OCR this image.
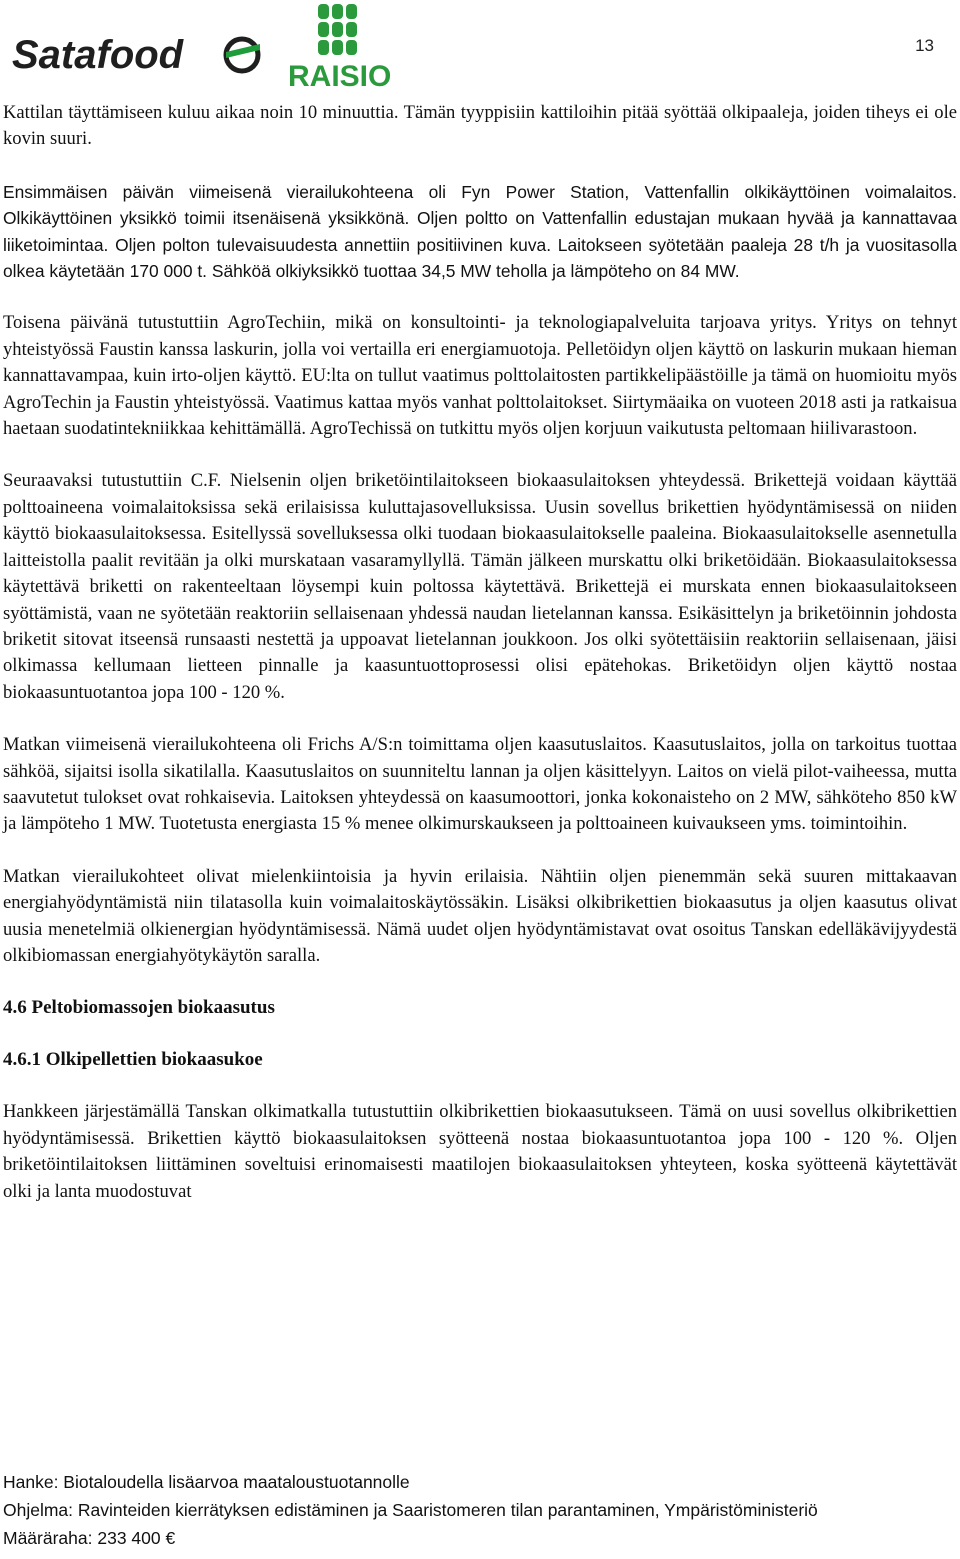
Satafood	RAISIO
13

Kattilan täyttämiseen kuluu aikaa noin 10 minuuttia. Tämän tyyppisiin kattiloihin pitää syöttää olkipaaleja, joiden tiheys ei ole kovin suuri.

Ensimmäisen päivän viimeisenä vierailukohteena oli Fyn Power Station, Vattenfallin olkikäyttöinen voimalaitos. Olkikäyttöinen yksikkö toimii itsenäisenä yksikkönä. Oljen poltto on Vattenfallin edustajan mukaan hyvää ja kannattavaa liiketoimintaa. Oljen polton tulevaisuudesta annettiin positiivinen kuva. Laitokseen syötetään paaleja 28 t/h ja vuositasolla olkea käytetään 170 000 t. Sähköä olkiyksikkö tuottaa 34,5 MW teholla ja lämpöteho on 84 MW.

Toisena päivänä tutustuttiin AgroTechiin, mikä on konsultointi- ja teknologiapalveluita tarjoava yritys. Yritys on tehnyt yhteistyössä Faustin kanssa laskurin, jolla voi vertailla eri energiamuotoja. Pelletöidyn oljen käyttö on laskurin mukaan hieman kannattavampaa, kuin irto-oljen käyttö. EU:lta on tullut vaatimus polttolaitosten partikkelipäästöille ja tämä on huomioitu myös AgroTechin ja Faustin yhteistyössä. Vaatimus kattaa myös vanhat polttolaitokset. Siirtymäaika on vuoteen 2018 asti ja ratkaisua haetaan suodatintekniikkaa kehittämällä. AgroTechissä on tutkittu myös oljen korjuun vaikutusta peltomaan hiilivarastoon.

Seuraavaksi tutustuttiin C.F. Nielsenin oljen briketöintilaitokseen biokaasulaitoksen yhteydessä. Brikettejä voidaan käyttää polttoaineena voimalaitoksissa sekä erilaisissa kuluttajasovelluksissa. Uusin sovellus brikettien hyödyntämisessä on niiden käyttö biokaasulaitoksessa. Esitellyssä sovelluksessa olki tuodaan biokaasulaitokselle paaleina. Biokaasulaitokselle asennetulla laitteistolla paalit revitään ja olki murskataan vasaramyllyllä. Tämän jälkeen murskattu olki briketöidään. Biokaasulaitoksessa käytettävä briketti on rakenteeltaan löysempi kuin poltossa käytettävä. Brikettejä ei murskata ennen biokaasulaitokseen syöttämistä, vaan ne syötetään reaktoriin sellaisenaan yhdessä naudan lietelannan kanssa. Esikäsittelyn ja briketöinnin johdosta briketit sitovat itseensä runsaasti nestettä ja uppoavat lietelannan joukkoon. Jos olki syötettäisiin reaktoriin sellaisenaan, jäisi olkimassa kellumaan lietteen pinnalle ja kaasuntuottoprosessi olisi epätehokas. Briketöidyn oljen käyttö nostaa biokaasuntuotantoa jopa 100 - 120 %.

Matkan viimeisenä vierailukohteena oli Frichs A/S:n toimittama oljen kaasutuslaitos. Kaasutuslaitos, jolla on tarkoitus tuottaa sähköä, sijaitsi isolla sikatilalla. Kaasutuslaitos on suunniteltu lannan ja oljen käsittelyyn. Laitos on vielä pilot-vaiheessa, mutta saavutetut tulokset ovat rohkaisevia. Laitoksen yhteydessä on kaasumoottori, jonka kokonaisteho on 2 MW, sähköteho 850 kW ja lämpöteho 1 MW. Tuotetusta energiasta 15 % menee olkimurskaukseen ja polttoaineen kuivaukseen yms. toimintoihin.

Matkan vierailukohteet olivat mielenkiintoisia ja hyvin erilaisia. Nähtiin oljen pienemmän sekä suuren mittakaavan energiahyödyntämistä niin tilatasolla kuin voimalaitoskäytössäkin. Lisäksi olkibrikettien biokaasutus ja oljen kaasutus olivat uusia menetelmiä olkienergian hyödyntämisessä. Nämä uudet oljen hyödyntämistavat ovat osoitus Tanskan edelläkävijyydestä olkibiomassan energiahyötykäytön saralla.

4.6 Peltobiomassojen biokaasutus
4.6.1 Olkipellettien biokaasukoe

Hankkeen järjestämällä Tanskan olkimatkalla tutustuttiin olkibrikettien biokaasutukseen. Tämä on uusi sovellus olkibrikettien hyödyntämisessä. Brikettien käyttö biokaasulaitoksen syötteenä nostaa biokaasuntuotantoa jopa 100 - 120 %. Oljen briketöintilaitoksen liittäminen soveltuisi erinomaisesti maatilojen biokaasulaitoksen yhteyteen, koska syötteenä käytettävät olki ja lanta muodostuvat

Hanke: Biotaloudella lisäarvoa maataloustuotannolle
Ohjelma: Ravinteiden kierrätyksen edistäminen ja Saaristomeren tilan parantaminen, Ympäristöministeriö
Määräraha: 233 400 €
